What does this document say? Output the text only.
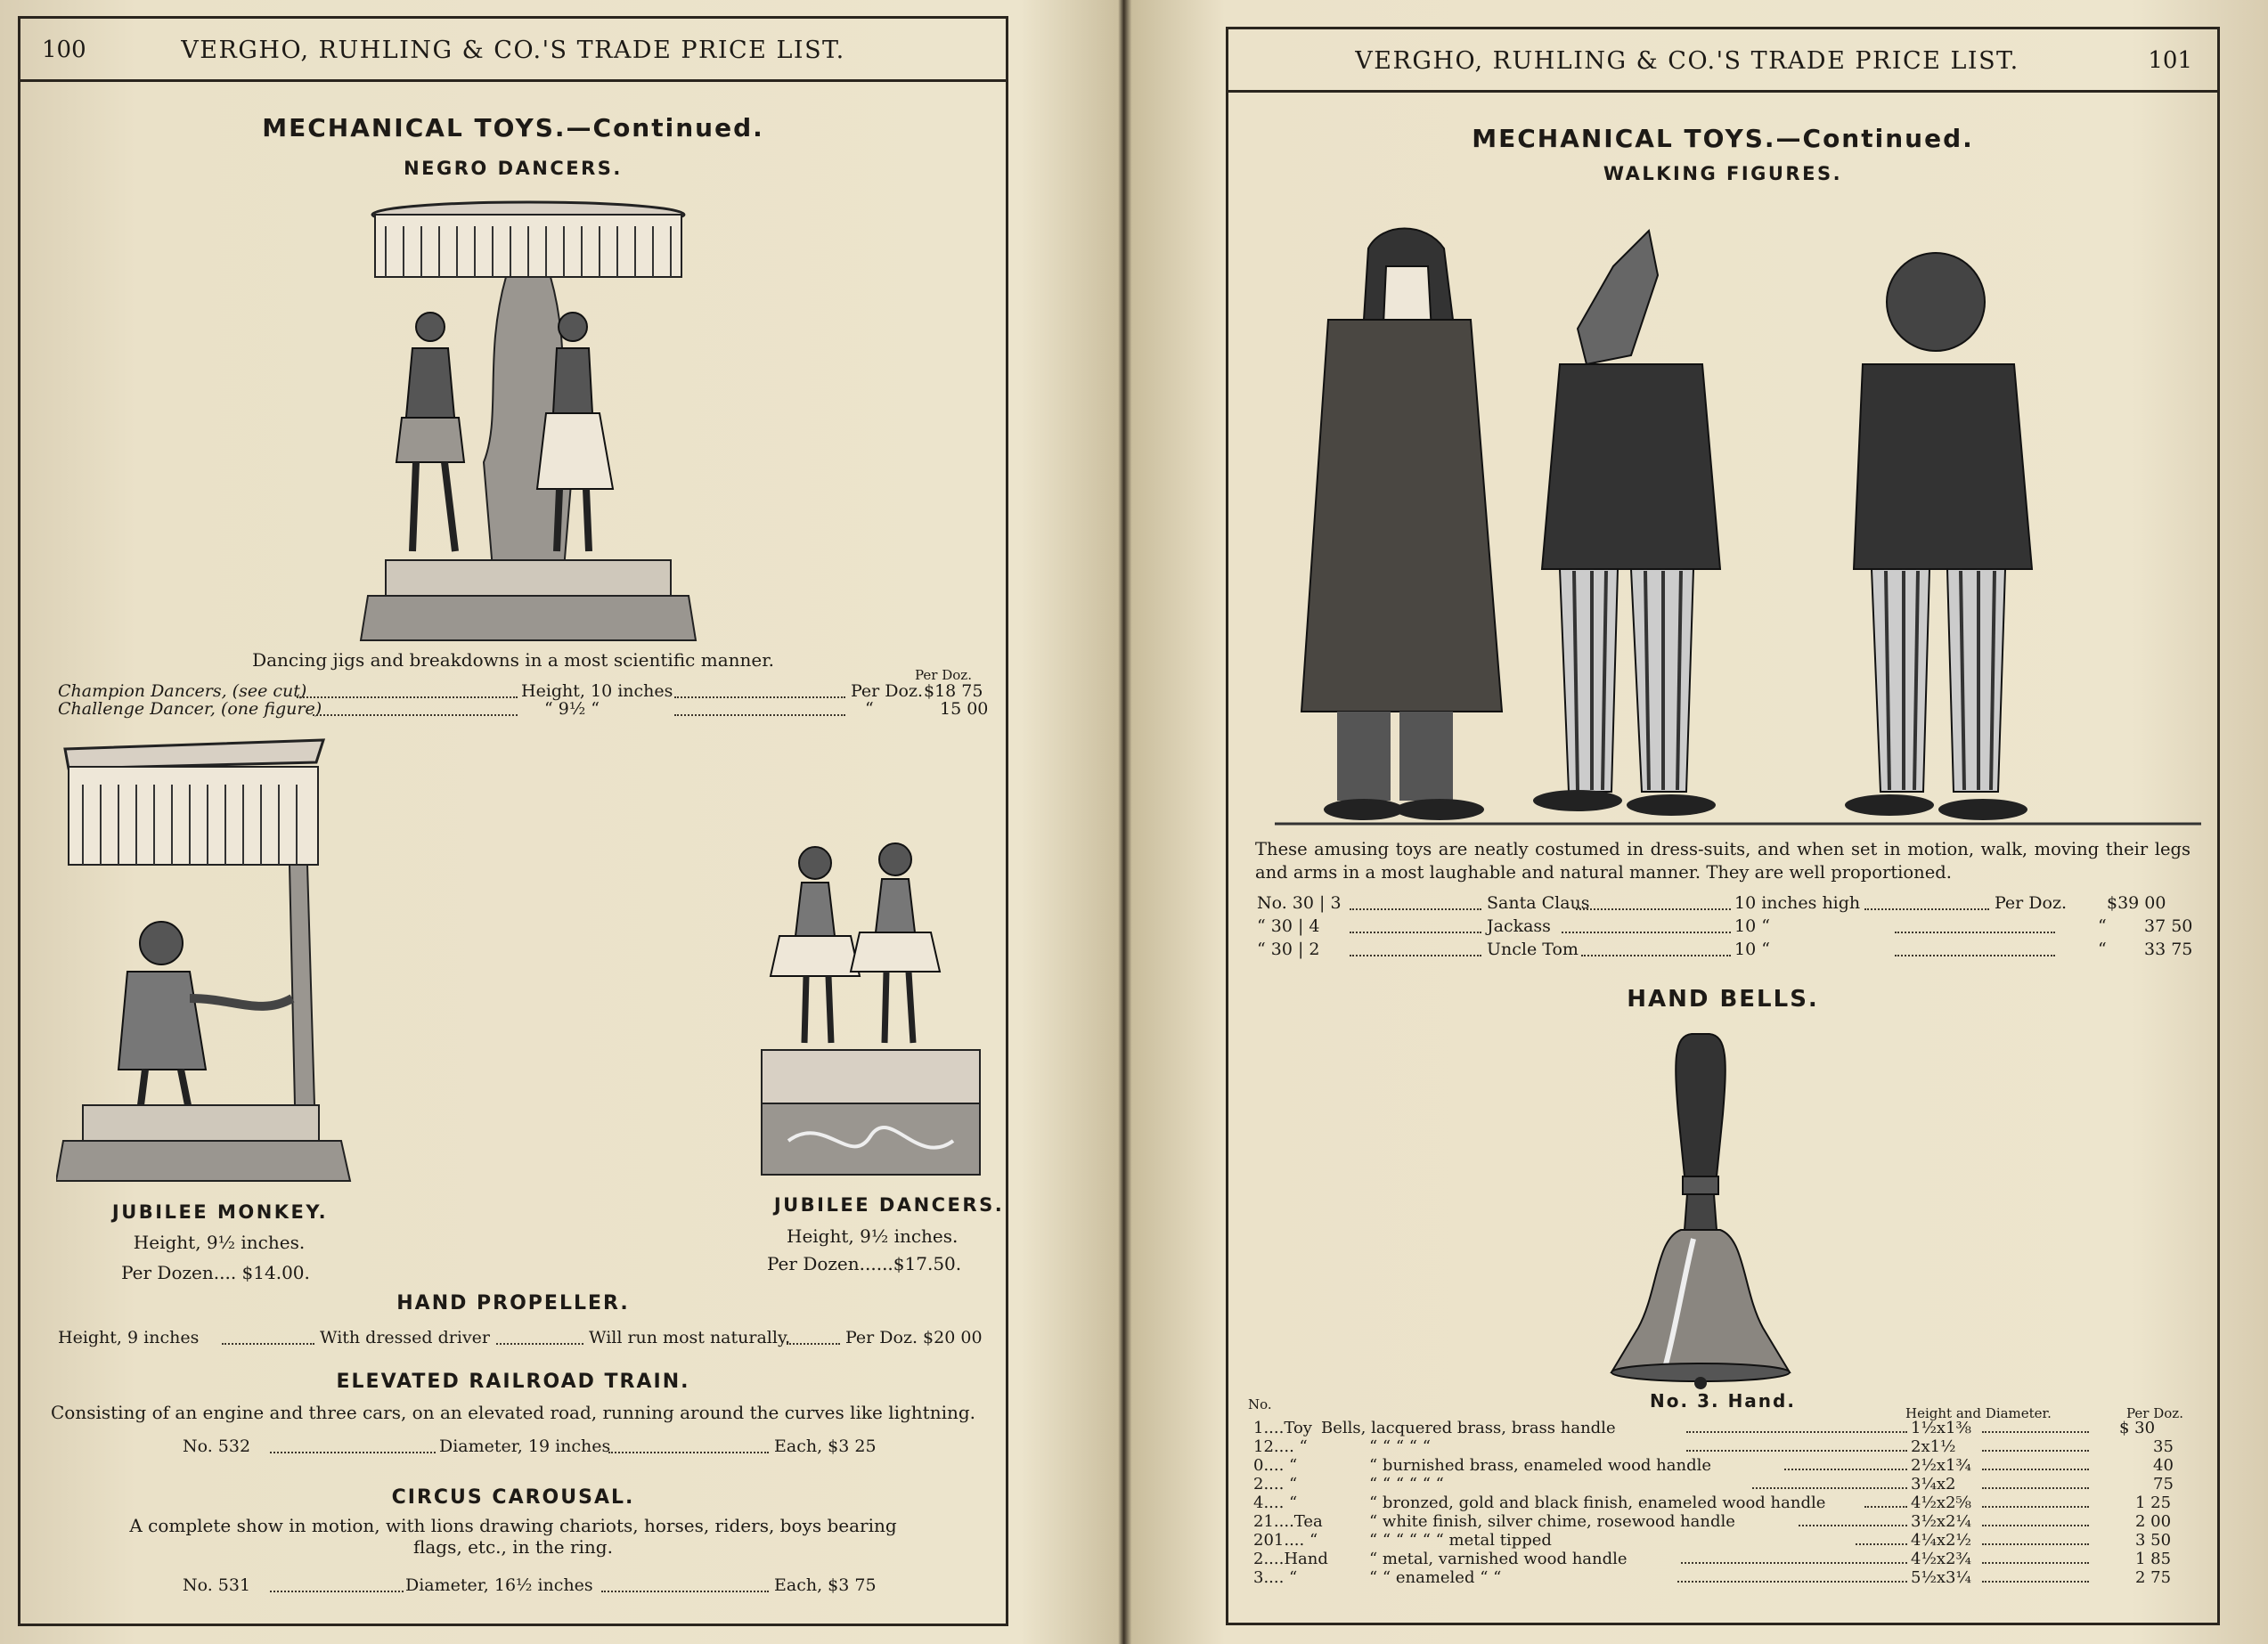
100	VERGHO, RUHLING & CO.'S TRADE PRICE LIST.
MECHANICAL TOYS.—Continued.
NEGRO DANCERS.
Dancing jigs and breakdowns in a most scientific manner.
Per Doz.
Champion Dancers, (see cut)	Height, 10 inches	Per Doz. $18 75
Challenge Dancer, (one figure)	“ 9½ “	“	15 00
JUBILEE MONKEY.
Height, 9½ inches.
Per Dozen.... $14.00.
JUBILEE DANCERS.
Height, 9½ inches.
Per Dozen......$17.50.
HAND PROPELLER.
Height, 9 inches	With dressed driver	Will run most naturally.	Per Doz. $20 00
ELEVATED RAILROAD TRAIN.
Consisting of an engine and three cars, on an elevated road, running around the curves like lightning.
No. 532	Diameter, 19 inches	Each, $3 25
CIRCUS CAROUSAL.
A complete show in motion, with lions drawing chariots, horses, riders, boys bearing flags, etc., in the ring.
No. 531	Diameter, 16½ inches	Each, $3 75
VERGHO, RUHLING & CO.'S TRADE PRICE LIST.	101
MECHANICAL TOYS.—Continued.
WALKING FIGURES.
These amusing toys are neatly costumed in dress-suits, and when set in motion, walk, moving their legs and arms in a most laughable and natural manner. They are well proportioned.
No. 30 | 3	Santa Claus	10 inches high	Per Doz. $39 00
“ 30 | 4	Jackass	10 “	“ 37 50
“ 30 | 2	Uncle Tom	10 “	“ 33 75
HAND BELLS.
No. 3. Hand.
No.
Height and Diameter.	Per Doz.
1....Toy Bells, lacquered brass, brass handle	1½x1⅜	$ 30
12.... “	“ “ “ “ “	2x1½	35
0.... “	“ burnished brass, enameled wood handle	2½x1¾	40
2.... “	“ “ “ “ “ “	3¼x2	75
4.... “	“ bronzed, gold and black finish, enameled wood handle	4½x2⅝	1 25
21....Tea	“ white finish, silver chime, rosewood handle	3½x2¼	2 00
201.... “	“ “ “ “ “ “ metal tipped	4¼x2½	3 50
2....Hand	“ metal, varnished wood handle	4½x2¾	1 85
3.... “	“ “ enameled “ “	5½x3¼	2 75
